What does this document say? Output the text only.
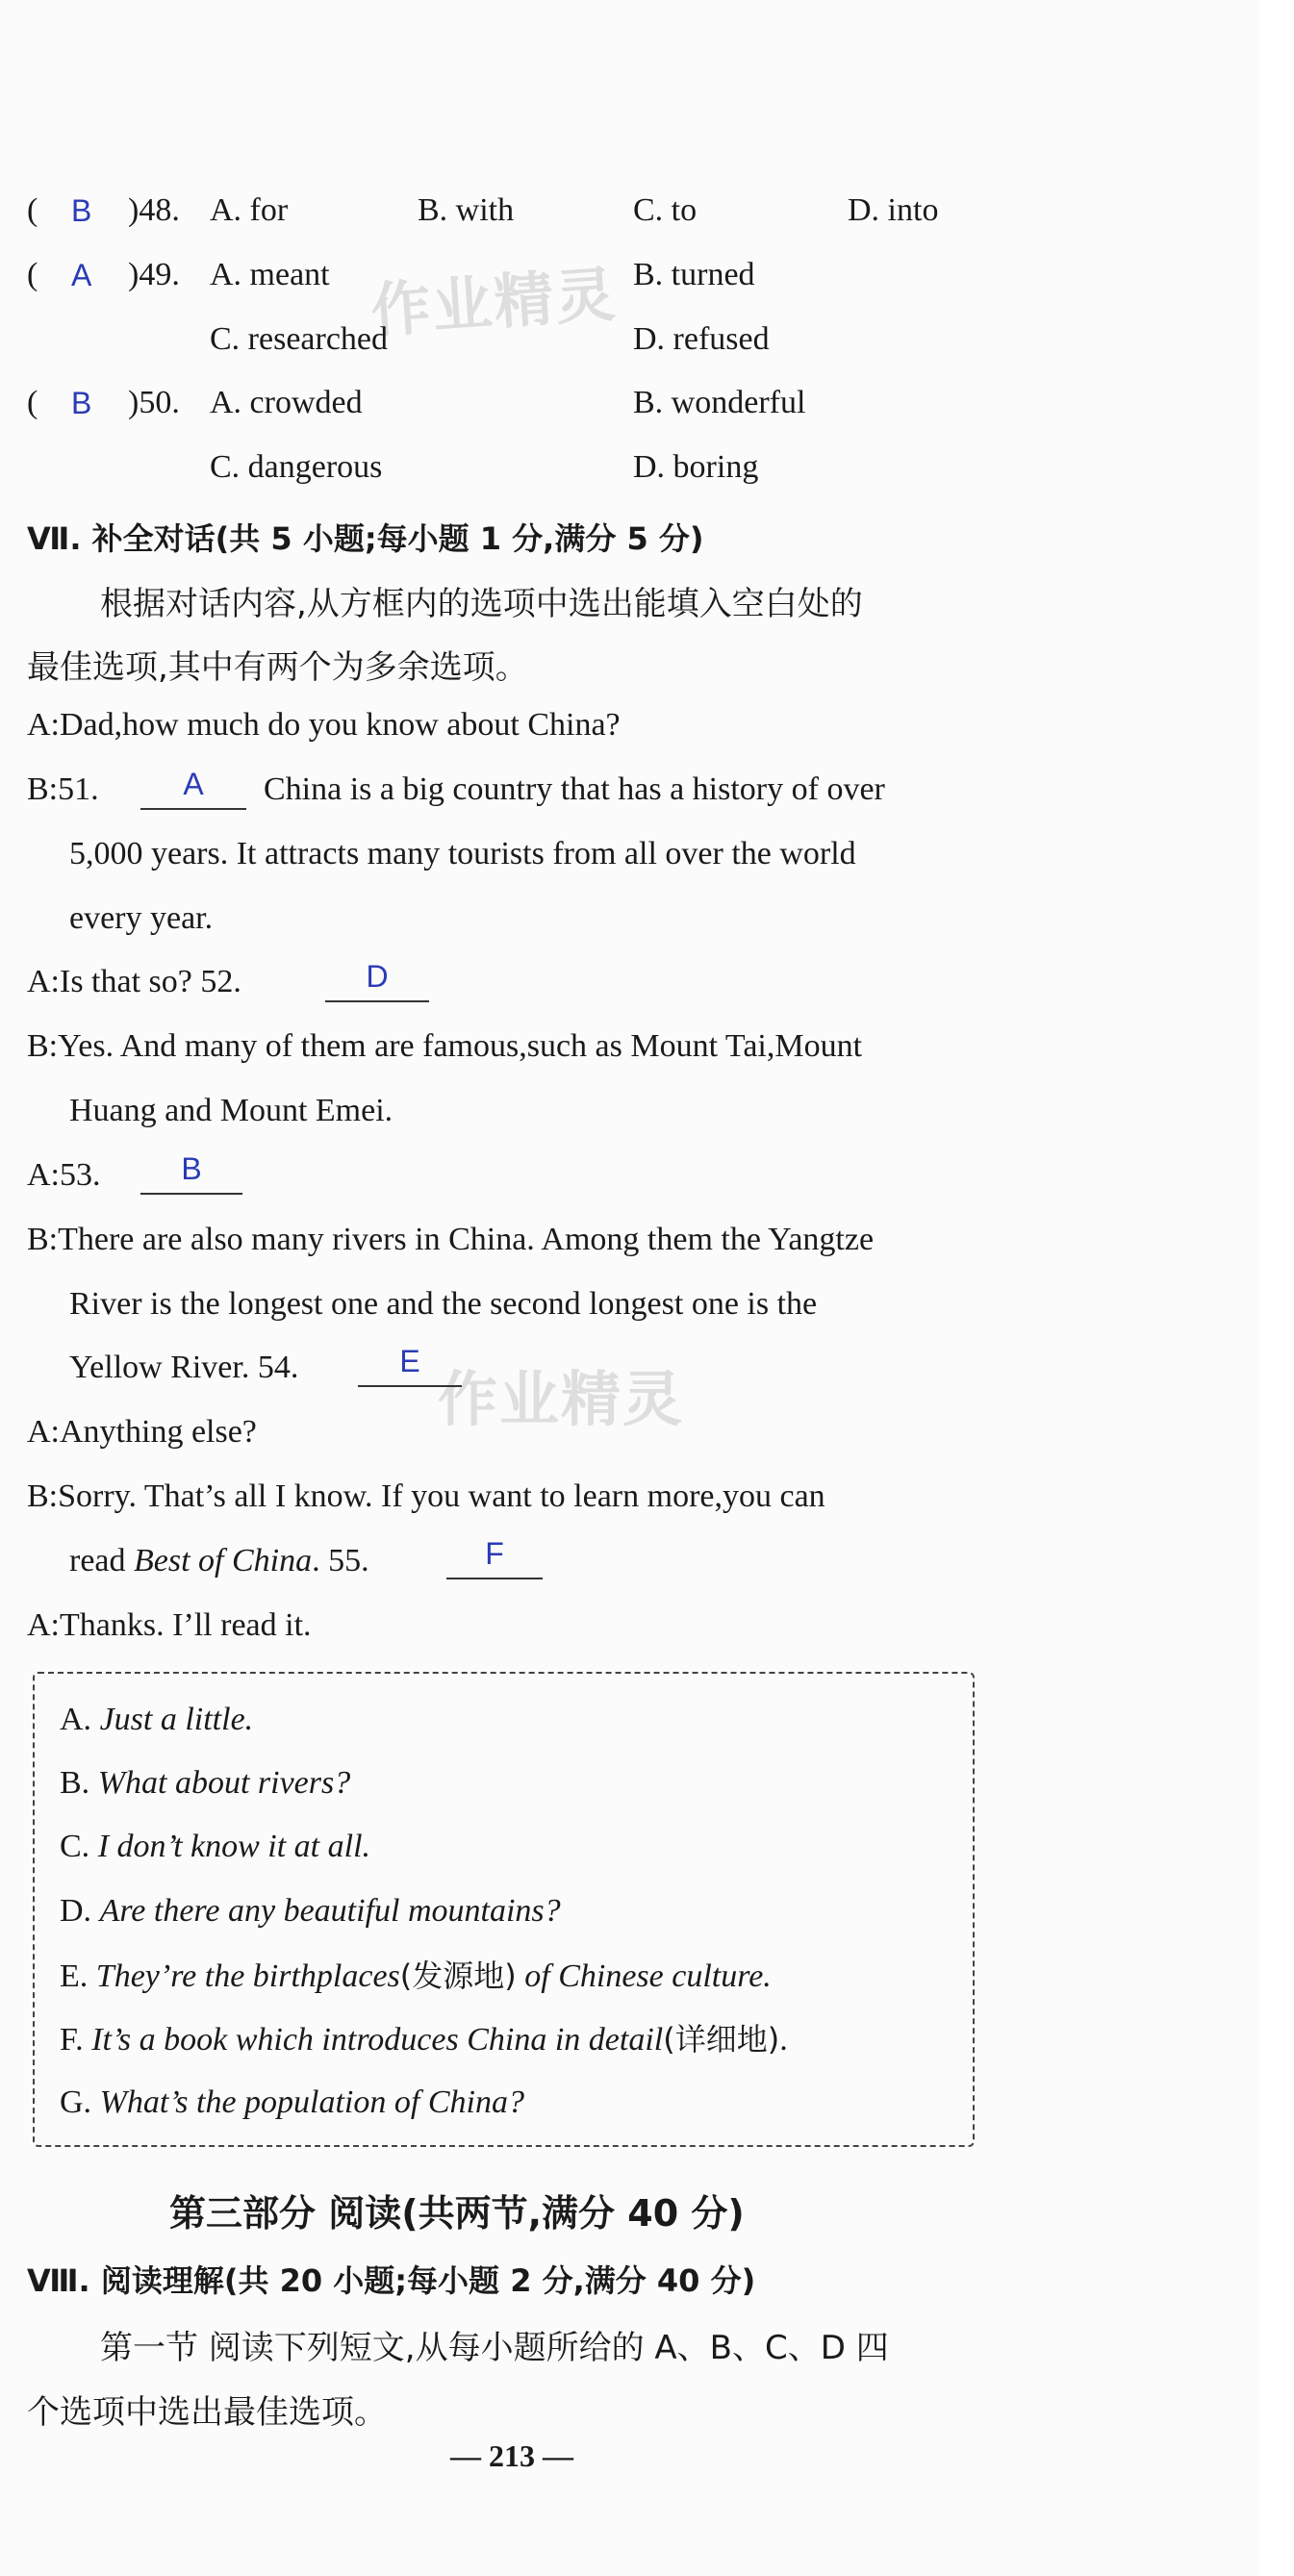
作业精灵
作业精灵
( B )48. A. for	B. with	C. to	D. into
( A )49. A. meant	B. turned
C. researched	D. refused
( B )50. A. crowded	B. wonderful
C. dangerous	D. boring
Ⅶ. 补全对话(共 5 小题;每小题 1 分,满分 5 分)
根据对话内容,从方框内的选项中选出能填入空白处的
最佳选项,其中有两个为多余选项。
A:Dad,how much do you know about China?
B:51.	A	China is a big country that has a history of over
5,000 years. It attracts many tourists from all over the world
every year.
A:Is that so? 52.	D
B:Yes. And many of them are famous,such as Mount Tai,Mount
Huang and Mount Emei.
A:53.	B
B:There are also many rivers in China. Among them the Yangtze
River is the longest one and the second longest one is the
Yellow River. 54.	E
A:Anything else?
B:Sorry. That’s all I know. If you want to learn more,you can
read Best of China. 55.	F
A:Thanks. I’ll read it.
A. Just a little.
B. What about rivers?
C. I don’t know it at all.
D. Are there any beautiful mountains?
E. They’re the birthplaces(发源地) of Chinese culture.
F. It’s a book which introduces China in detail(详细地).
G. What’s the population of China?
第三部分 阅读(共两节,满分 40 分)
Ⅷ. 阅读理解(共 20 小题;每小题 2 分,满分 40 分)
第一节 阅读下列短文,从每小题所给的 A、B、C、D 四
个选项中选出最佳选项。
— 213 —
